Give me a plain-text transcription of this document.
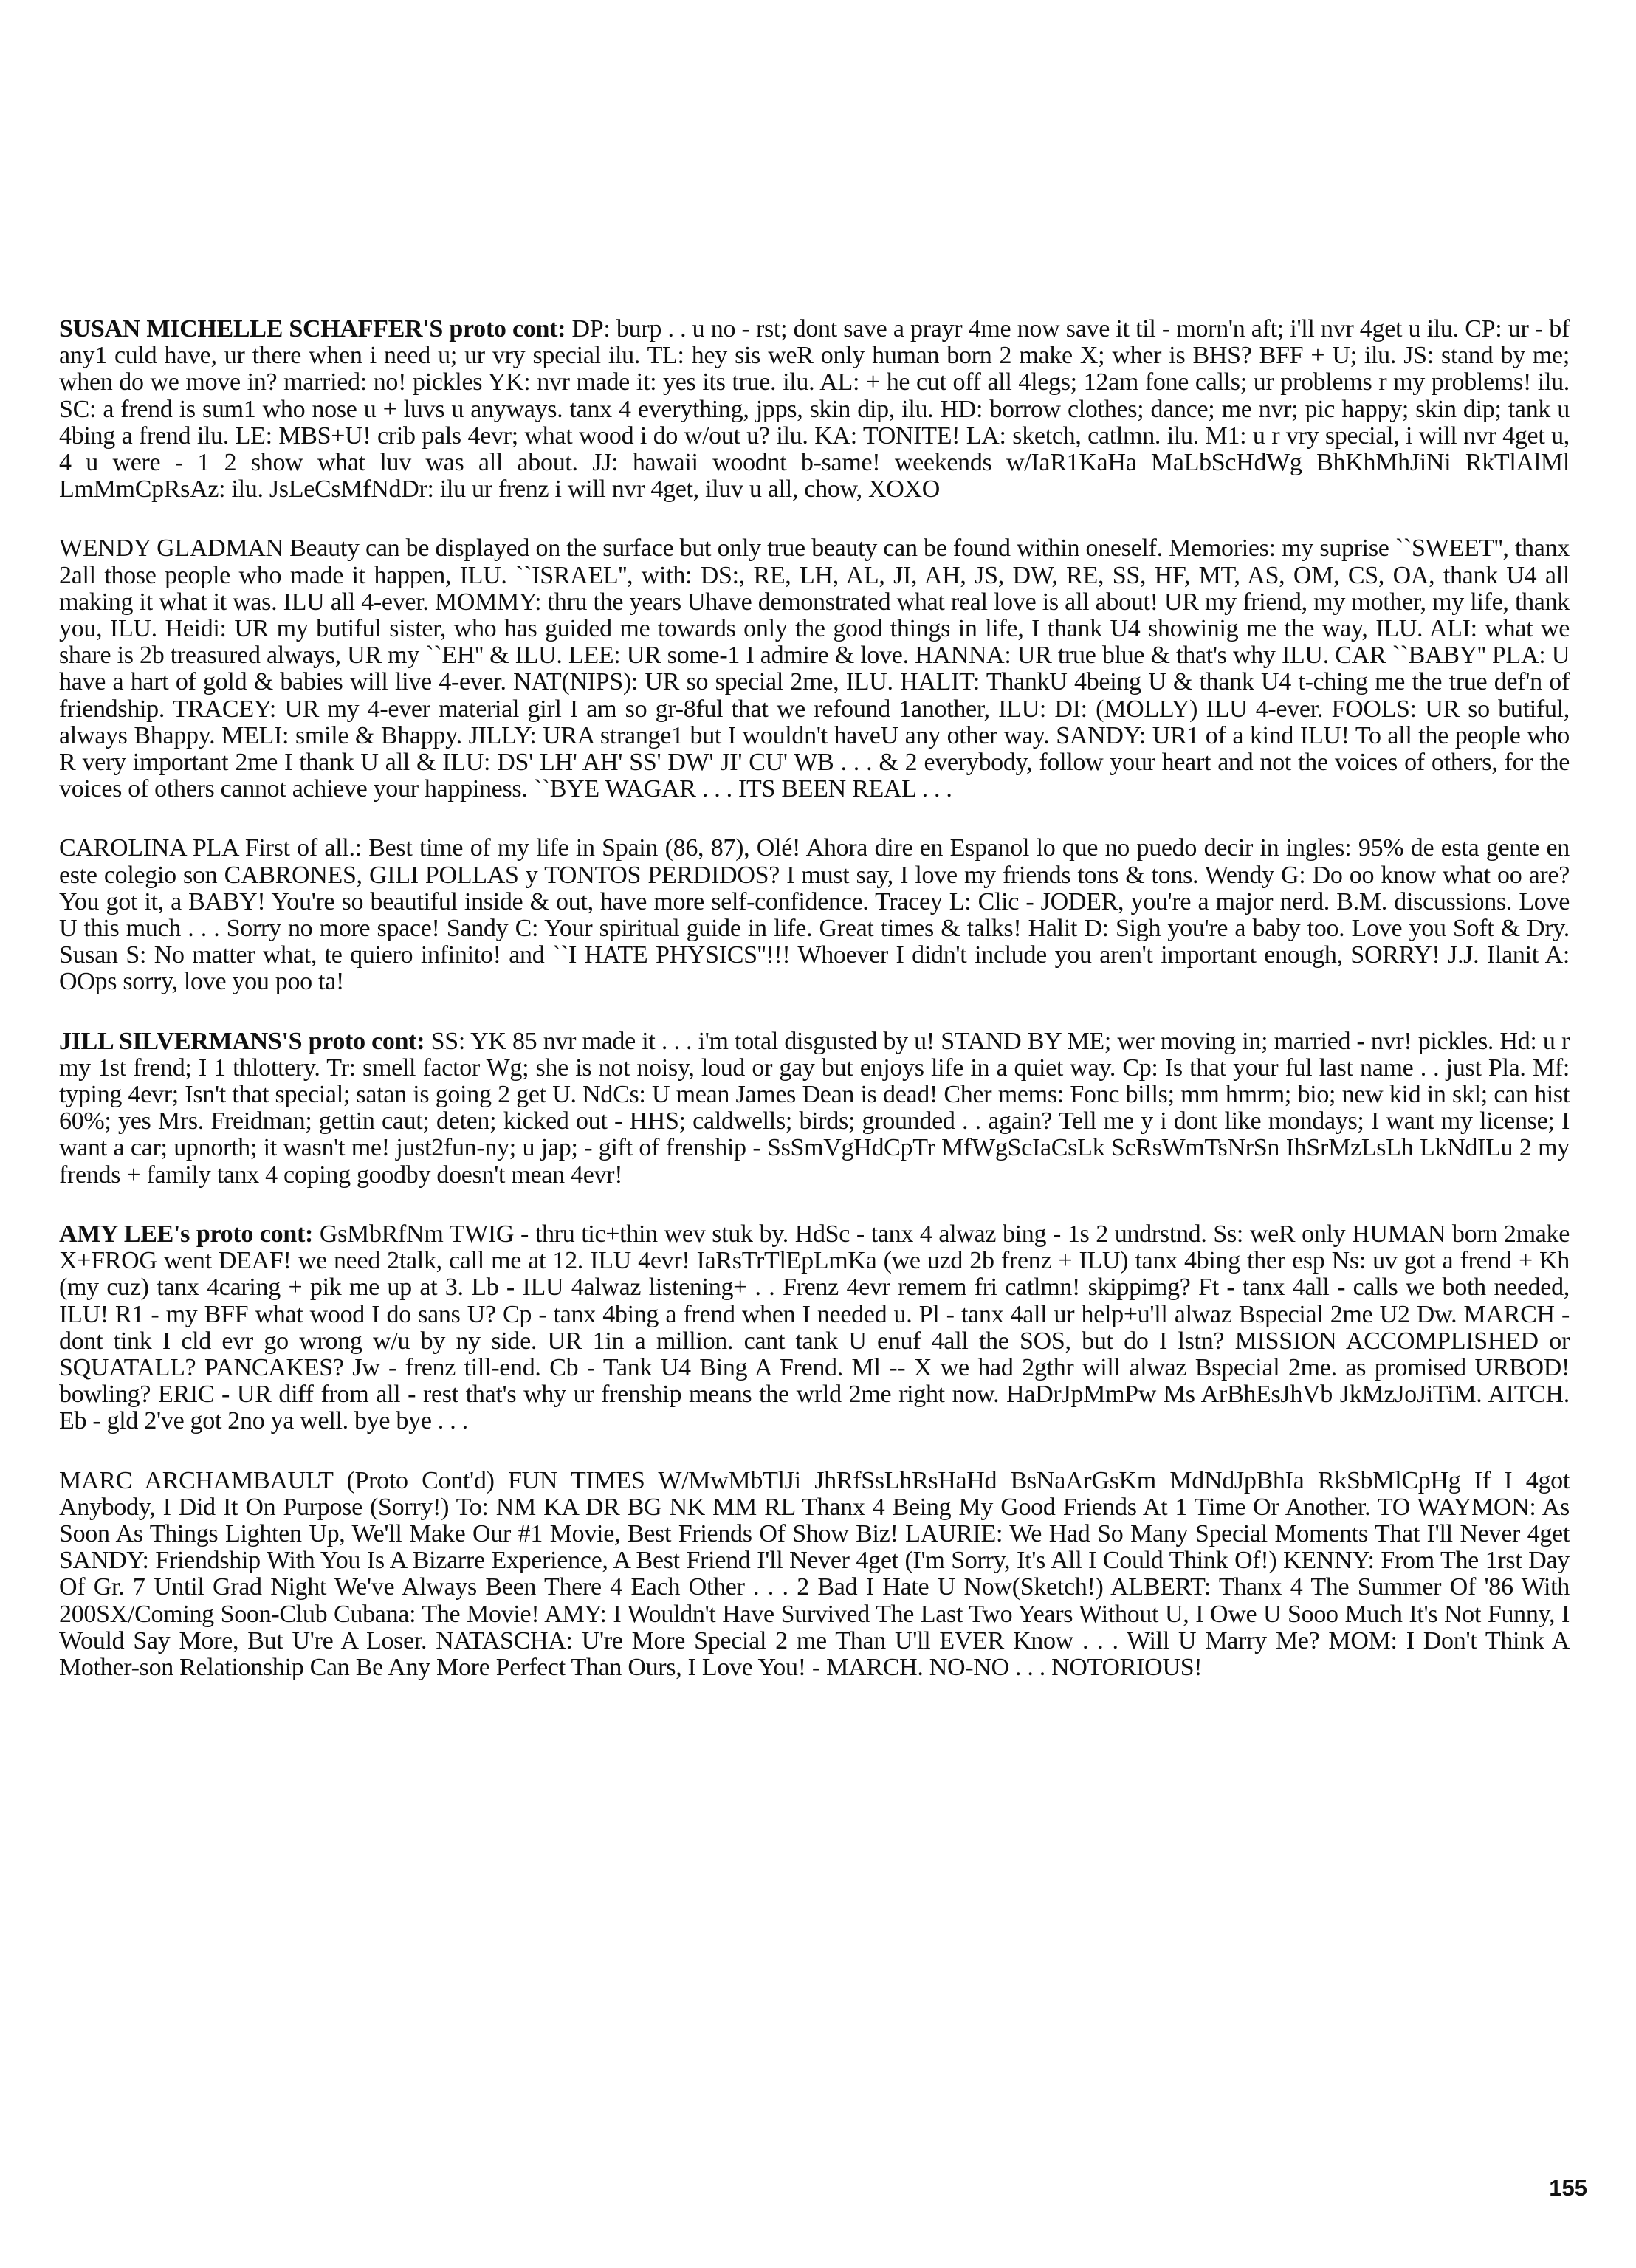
SUSAN MICHELLE SCHAFFER'S proto cont: DP: burp . . u no - rst; dont save a prayr 4me now save it til - morn'n aft; i'll nvr 4get u ilu. CP: ur - bf any1 culd have, ur there when i need u; ur vry special ilu. TL: hey sis weR only human born 2 make X; wher is BHS? BFF + U; ilu. JS: stand by me; when do we move in? married: no! pickles YK: nvr made it: yes its true. ilu. AL: + he cut off all 4legs; 12am fone calls; ur problems r my problems! ilu. SC: a frend is sum1 who nose u + luvs u anyways. tanx 4 everything, jpps, skin dip, ilu. HD: borrow clothes; dance; me nvr; pic happy; skin dip; tank u 4bing a frend ilu. LE: MBS+U! crib pals 4evr; what wood i do w/out u? ilu. KA: TONITE! LA: sketch, catlmn. ilu. M1: u r vry special, i will nvr 4get u, 4 u were - 1 2 show what luv was all about. JJ: hawaii woodnt b-same! weekends w/IaR1KaHa MaLbScHdWg BhKhMhJiNi RkTlAlMl LmMmCpRsAz: ilu. JsLeCsMfNdDr: ilu ur frenz i will nvr 4get, iluv u all, chow, XOXO

WENDY GLADMAN Beauty can be displayed on the surface but only true beauty can be found within oneself. Memories: my suprise ``SWEET'', thanx 2all those people who made it happen, ILU. ``ISRAEL'', with: DS:, RE, LH, AL, JI, AH, JS, DW, RE, SS, HF, MT, AS, OM, CS, OA, thank U4 all making it what it was. ILU all 4-ever. MOMMY: thru the years Uhave demonstrated what real love is all about! UR my friend, my mother, my life, thank you, ILU. Heidi: UR my butiful sister, who has guided me towards only the good things in life, I thank U4 showinig me the way, ILU. ALI: what we share is 2b treasured always, UR my ``EH'' & ILU. LEE: UR some-1 I admire & love. HANNA: UR true blue & that's why ILU. CAR ``BABY'' PLA: U have a hart of gold & babies will live 4-ever. NAT(NIPS): UR so special 2me, ILU. HALIT: ThankU 4being U & thank U4 t-ching me the true def'n of friendship. TRACEY: UR my 4-ever material girl I am so gr-8ful that we refound 1another, ILU: DI: (MOLLY) ILU 4-ever. FOOLS: UR so butiful, always Bhappy. MELI: smile & Bhappy. JILLY: URA strange1 but I wouldn't haveU any other way. SANDY: UR1 of a kind ILU! To all the people who R very important 2me I thank U all & ILU: DS' LH' AH' SS' DW' JI' CU' WB . . . & 2 everybody, follow your heart and not the voices of others, for the voices of others cannot achieve your happiness. ``BYE WAGAR . . . ITS BEEN REAL . . .

CAROLINA PLA First of all.: Best time of my life in Spain (86, 87), Olé! Ahora dire en Espanol lo que no puedo decir in ingles: 95% de esta gente en este colegio son CABRONES, GILI POLLAS y TONTOS PERDIDOS? I must say, I love my friends tons & tons. Wendy G: Do oo know what oo are? You got it, a BABY! You're so beautiful inside & out, have more self-confidence. Tracey L: Clic - JODER, you're a major nerd. B.M. discussions. Love U this much . . . Sorry no more space! Sandy C: Your spiritual guide in life. Great times & talks! Halit D: Sigh you're a baby too. Love you Soft & Dry. Susan S: No matter what, te quiero infinito! and ``I HATE PHYSICS''!!! Whoever I didn't include you aren't important enough, SORRY! J.J. Ilanit A: OOps sorry, love you poo ta!

JILL SILVERMANS'S proto cont: SS: YK 85 nvr made it . . . i'm total disgusted by u! STAND BY ME; wer moving in; married - nvr! pickles. Hd: u r my 1st frend; I 1 thlottery. Tr: smell factor Wg; she is not noisy, loud or gay but enjoys life in a quiet way. Cp: Is that your ful last name . . just Pla. Mf: typing 4evr; Isn't that special; satan is going 2 get U. NdCs: U mean James Dean is dead! Cher mems: Fonc bills; mm hmrm; bio; new kid in skl; can hist 60%; yes Mrs. Freidman; gettin caut; deten; kicked out - HHS; caldwells; birds; grounded . . again? Tell me y i dont like mondays; I want my license; I want a car; upnorth; it wasn't me! just2fun-ny; u jap; - gift of frenship - SsSmVgHdCpTr MfWgScIaCsLk ScRsWmTsNrSn IhSrMzLsLh LkNdILu 2 my frends + family tanx 4 coping goodby doesn't mean 4evr!

AMY LEE's proto cont: GsMbRfNm TWIG - thru tic+thin wev stuk by. HdSc - tanx 4 alwaz bing - 1s 2 undrstnd. Ss: weR only HUMAN born 2make X+FROG went DEAF! we need 2talk, call me at 12. ILU 4evr! IaRsTrTlEpLmKa (we uzd 2b frenz + ILU) tanx 4bing ther esp Ns: uv got a frend + Kh (my cuz) tanx 4caring + pik me up at 3. Lb - ILU 4alwaz listening+ . . Frenz 4evr remem fri catlmn! skippimg? Ft - tanx 4all - calls we both needed, ILU! R1 - my BFF what wood I do sans U? Cp - tanx 4bing a frend when I needed u. Pl - tanx 4all ur help+u'll alwaz Bspecial 2me U2 Dw. MARCH - dont tink I cld evr go wrong w/u by ny side. UR 1in a million. cant tank U enuf 4all the SOS, but do I lstn? MISSION ACCOMPLISHED or SQUATALL? PANCAKES? Jw - frenz till-end. Cb - Tank U4 Bing A Frend. Ml -- X we had 2gthr will alwaz Bspecial 2me. as promised URBOD! bowling? ERIC - UR diff from all - rest that's why ur frenship means the wrld 2me right now. HaDrJpMmPw Ms ArBhEsJhVb JkMzJoJiTiM. AITCH. Eb - gld 2've got 2no ya well. bye bye . . .

MARC ARCHAMBAULT (Proto Cont'd) FUN TIMES W/MwMbTlJi JhRfSsLhRsHaHd BsNaArGsKm MdNdJpBhIa RkSbMlCpHg If I 4got Anybody, I Did It On Purpose (Sorry!) To: NM KA DR BG NK MM RL Thanx 4 Being My Good Friends At 1 Time Or Another. TO WAYMON: As Soon As Things Lighten Up, We'll Make Our #1 Movie, Best Friends Of Show Biz! LAURIE: We Had So Many Special Moments That I'll Never 4get SANDY: Friendship With You Is A Bizarre Experience, A Best Friend I'll Never 4get (I'm Sorry, It's All I Could Think Of!) KENNY: From The 1rst Day Of Gr. 7 Until Grad Night We've Always Been There 4 Each Other . . . 2 Bad I Hate U Now(Sketch!) ALBERT: Thanx 4 The Summer Of '86 With 200SX/Coming Soon-Club Cubana: The Movie! AMY: I Wouldn't Have Survived The Last Two Years Without U, I Owe U Sooo Much It's Not Funny, I Would Say More, But U're A Loser. NATASCHA: U're More Special 2 me Than U'll EVER Know . . . Will U Marry Me? MOM: I Don't Think A Mother-son Relationship Can Be Any More Perfect Than Ours, I Love You! - MARCH. NO-NO . . . NOTORIOUS!

155
